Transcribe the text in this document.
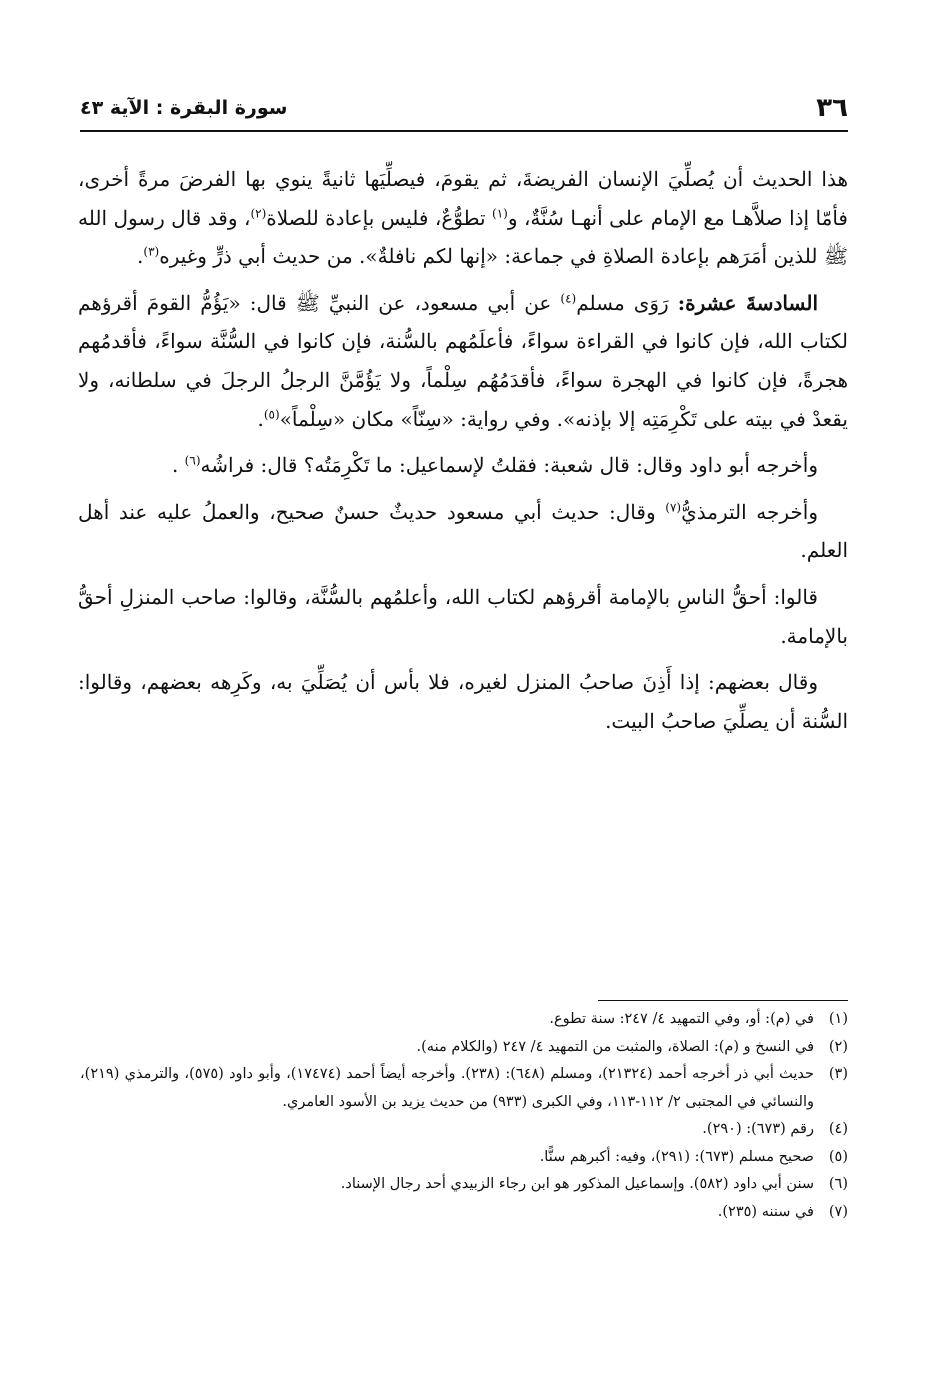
٣٦
سورة البقرة : الآية ٤٣

هذا الحديث أن يُصلِّيَ الإنسان الفريضةَ، ثم يقومَ، فيصلِّيَها ثانيةً ينوي بها الفرضَ مرةً أخرى، فأمّا إذا صلاَّهـا مع الإمام على أنهـا سُنَّةٌ، و$^{(١)}$ تطوُّعٌ، فليس بإعادة للصلاة$^{(٢)}$، وقد قال رسول الله ﷺ للذين أمَرَهم بإعادة الصلاةِ في جماعة: «إنها لكم نافلةٌ». من حديث أبي ذرٍّ وغيره$^{(٣)}$.

السادسةَ عشرة: رَوَى مسلم$^{(٤)}$ عن أبي مسعود، عن النبيِّ ﷺ قال: «يَؤُمُّ القومَ أقرؤهم لكتاب الله، فإن كانوا في القراءة سواءً، فأعلَمُهم بالسُّنة، فإن كانوا في السُّنَّة سواءً، فأقدمُهم هجرةً، فإن كانوا في الهجرة سواءً، فأقدَمُهُم سِلْماً، ولا يَؤُمَّنَّ الرجلُ الرجلَ في سلطانه، ولا يقعدْ في بيته على تَكْرِمَتِه إلا بإذنه». وفي رواية: «سِنّاً» مكان «سِلْماً»$^{(٥)}$.

وأخرجه أبو داود وقال: قال شعبة: فقلتُ لإسماعيل: ما تَكْرِمَتُه؟ قال: فراشُه$^{(٦)}$ .

وأخرجه الترمذيُّ$^{(٧)}$ وقال: حديث أبي مسعود حديثٌ حسنٌ صحيح، والعملُ عليه عند أهل العلم.

قالوا: أحقُّ الناسِ بالإمامة أقرؤهم لكتاب الله، وأعلمُهم بالسُّنَّة، وقالوا: صاحب المنزلِ أحقُّ بالإمامة.

وقال بعضهم: إذا أَذِنَ صاحبُ المنزل لغيره، فلا بأس أن يُصَلِّيَ به، وكَرِهه بعضهم، وقالوا: السُّنة أن يصلِّيَ صاحبُ البيت.

(١)
في (م): أو، وفي التمهيد ٤/ ٢٤٧: سنة تطوع.
(٢)
في النسخ و (م): الصلاة، والمثبت من التمهيد ٤/ ٢٤٧ (والكلام منه).
(٣)
حديث أبي ذر أخرجه أحمد (٢١٣٢٤)، ومسلم (٦٤٨): (٢٣٨). وأخرجه أيضاً أحمد (١٧٤٧٤)، وأبو داود (٥٧٥)، والترمذي (٢١٩)، والنسائي في المجتبى ٢/ ١١٢-١١٣، وفي الكبرى (٩٣٣) من حديث يزيد بن الأسود العامري.
(٤)
رقم (٦٧٣): (٢٩٠).
(٥)
صحيح مسلم (٦٧٣): (٢٩١)، وفيه: أكبرهم سنًّا.
(٦)
سنن أبي داود (٥٨٢). وإسماعيل المذكور هو ابن رجاء الزبيدي أحد رجال الإسناد.
(٧)
في سننه (٢٣٥).
